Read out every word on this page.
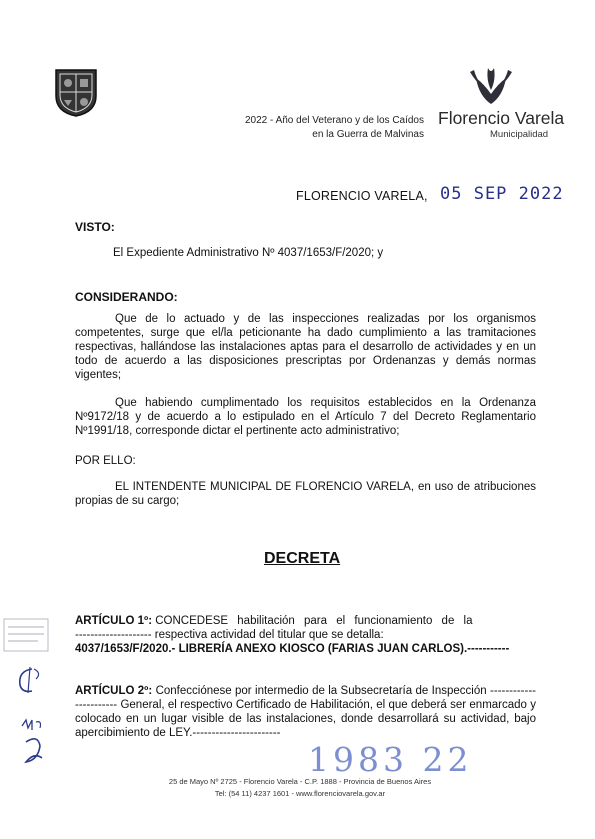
2022 - Año del Veterano y de los Caídos
en la Guerra de Malvinas
Florencio Varela
Municipalidad
FLORENCIO VARELA, 05 SEP 2022
VISTO:
El Expediente Administrativo Nº 4037/1653/F/2020; y
CONSIDERANDO:
Que de lo actuado y de las inspecciones realizadas por los organismos competentes, surge que el/la peticionante ha dado cumplimiento a las tramitaciones respectivas, hallándose las instalaciones aptas para el desarrollo de actividades y en un todo de acuerdo a las disposiciones prescriptas por Ordenanzas y demás normas vigentes;
Que habiendo cumplimentado los requisitos establecidos en la Ordenanza Nº9172/18 y de acuerdo a lo estipulado en el Artículo 7 del Decreto Reglamentario Nº1991/18, corresponde dictar el pertinente acto administrativo;
POR ELLO:
EL INTENDENTE MUNICIPAL DE FLORENCIO VARELA, en uso de atribuciones propias de su cargo;
DECRETA
ARTÍCULO 1º: CONCEDESE habilitación para el funcionamiento de la
-------------------- respectiva actividad del titular que se detalla:
4037/1653/F/2020.- LIBRERÍA ANEXO KIOSCO (FARIAS JUAN CARLOS).-----------
ARTÍCULO 2º: Confecciónese por intermedio de la Subsecretaría de Inspección ----------------------- General, el respectivo Certificado de Habilitación, el que deberá ser enmarcado y colocado en un lugar visible de las instalaciones, donde desarrollará su actividad, bajo apercibimiento de LEY.-----------------------
1983 22
25 de Mayo Nº 2725 - Florencio Varela - C.P. 1888 - Provincia de Buenos Aires
Tel: (54 11) 4237 1601 - www.florenciovarela.gov.ar
